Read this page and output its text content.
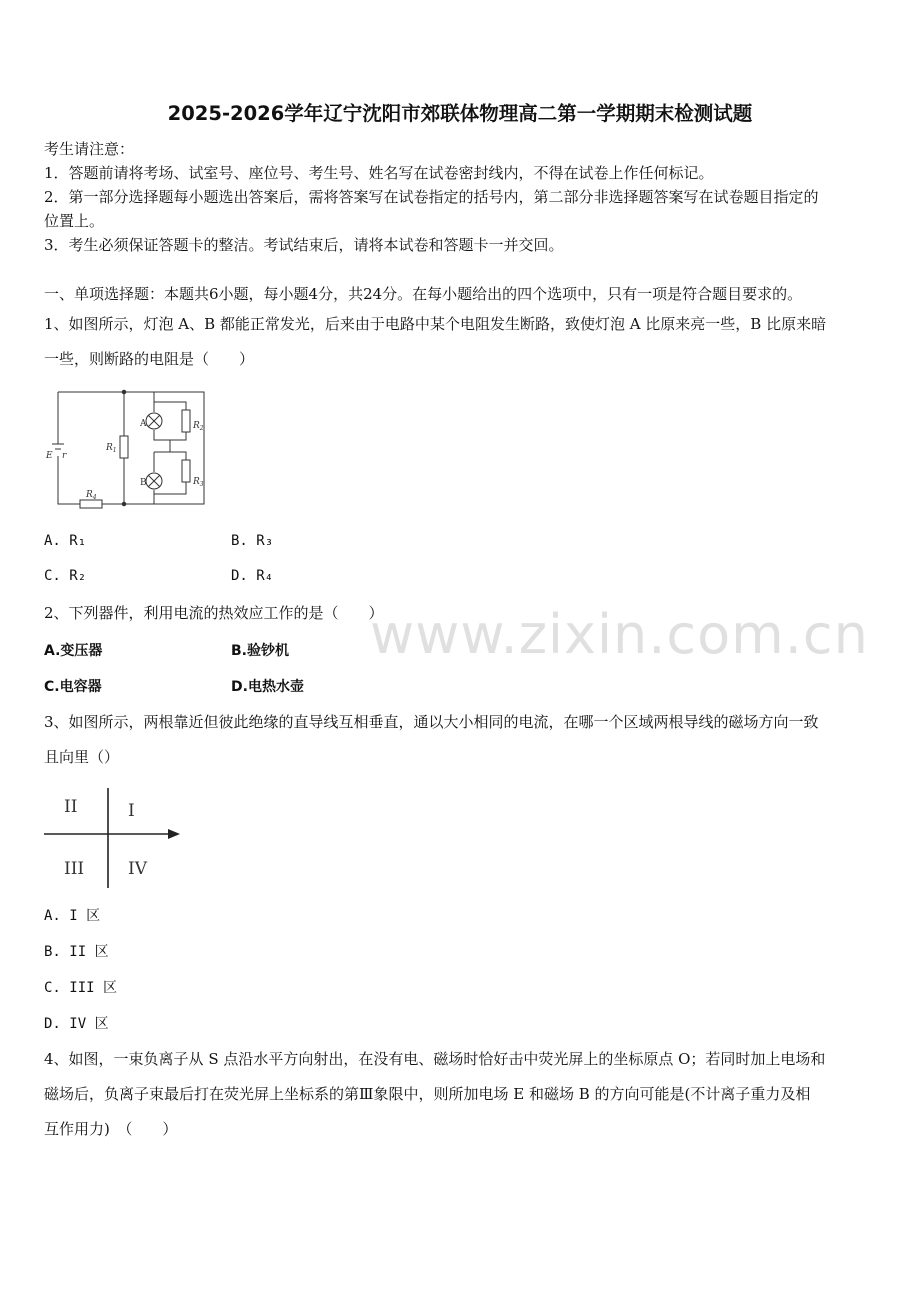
2025-2026学年辽宁沈阳市郊联体物理高二第一学期期末检测试题
考生请注意：
1．答题前请将考场、试室号、座位号、考生号、姓名写在试卷密封线内，不得在试卷上作任何标记。
2．第一部分选择题每小题选出答案后，需将答案写在试卷指定的括号内，第二部分非选择题答案写在试卷题目指定的
位置上。
3．考生必须保证答题卡的整洁。考试结束后，请将本试卷和答题卡一并交回。
一、单项选择题：本题共6小题，每小题4分，共24分。在每小题给出的四个选项中，只有一项是符合题目要求的。
1、如图所示，灯泡 A、B 都能正常发光，后来由于电路中某个电阻发生断路，致使灯泡 A 比原来亮一些，B 比原来暗
一些，则断路的电阻是（　　）
E r
A
B
$R_1$
$R_2$
$R_3$
$R_4$
A. R₁	B. R₃
C. R₂	D. R₄
2、下列器件，利用电流的热效应工作的是（　　）
A.变压器	B.验钞机
C.电容器	D.电热水壶
3、如图所示，两根靠近但彼此绝缘的直导线互相垂直，通以大小相同的电流，在哪一个区域两根导线的磁场方向一致
且向里（）
I
II
III	IV
A. I 区
B. II 区
C. III 区
D. IV 区
4、如图，一束负离子从 S 点沿水平方向射出，在没有电、磁场时恰好击中荧光屏上的坐标原点 O；若同时加上电场和
磁场后，负离子束最后打在荧光屏上坐标系的第Ⅲ象限中，则所加电场 E 和磁场 B 的方向可能是(不计离子重力及相
互作用力)　（　　）
www.zixin.com.cn
